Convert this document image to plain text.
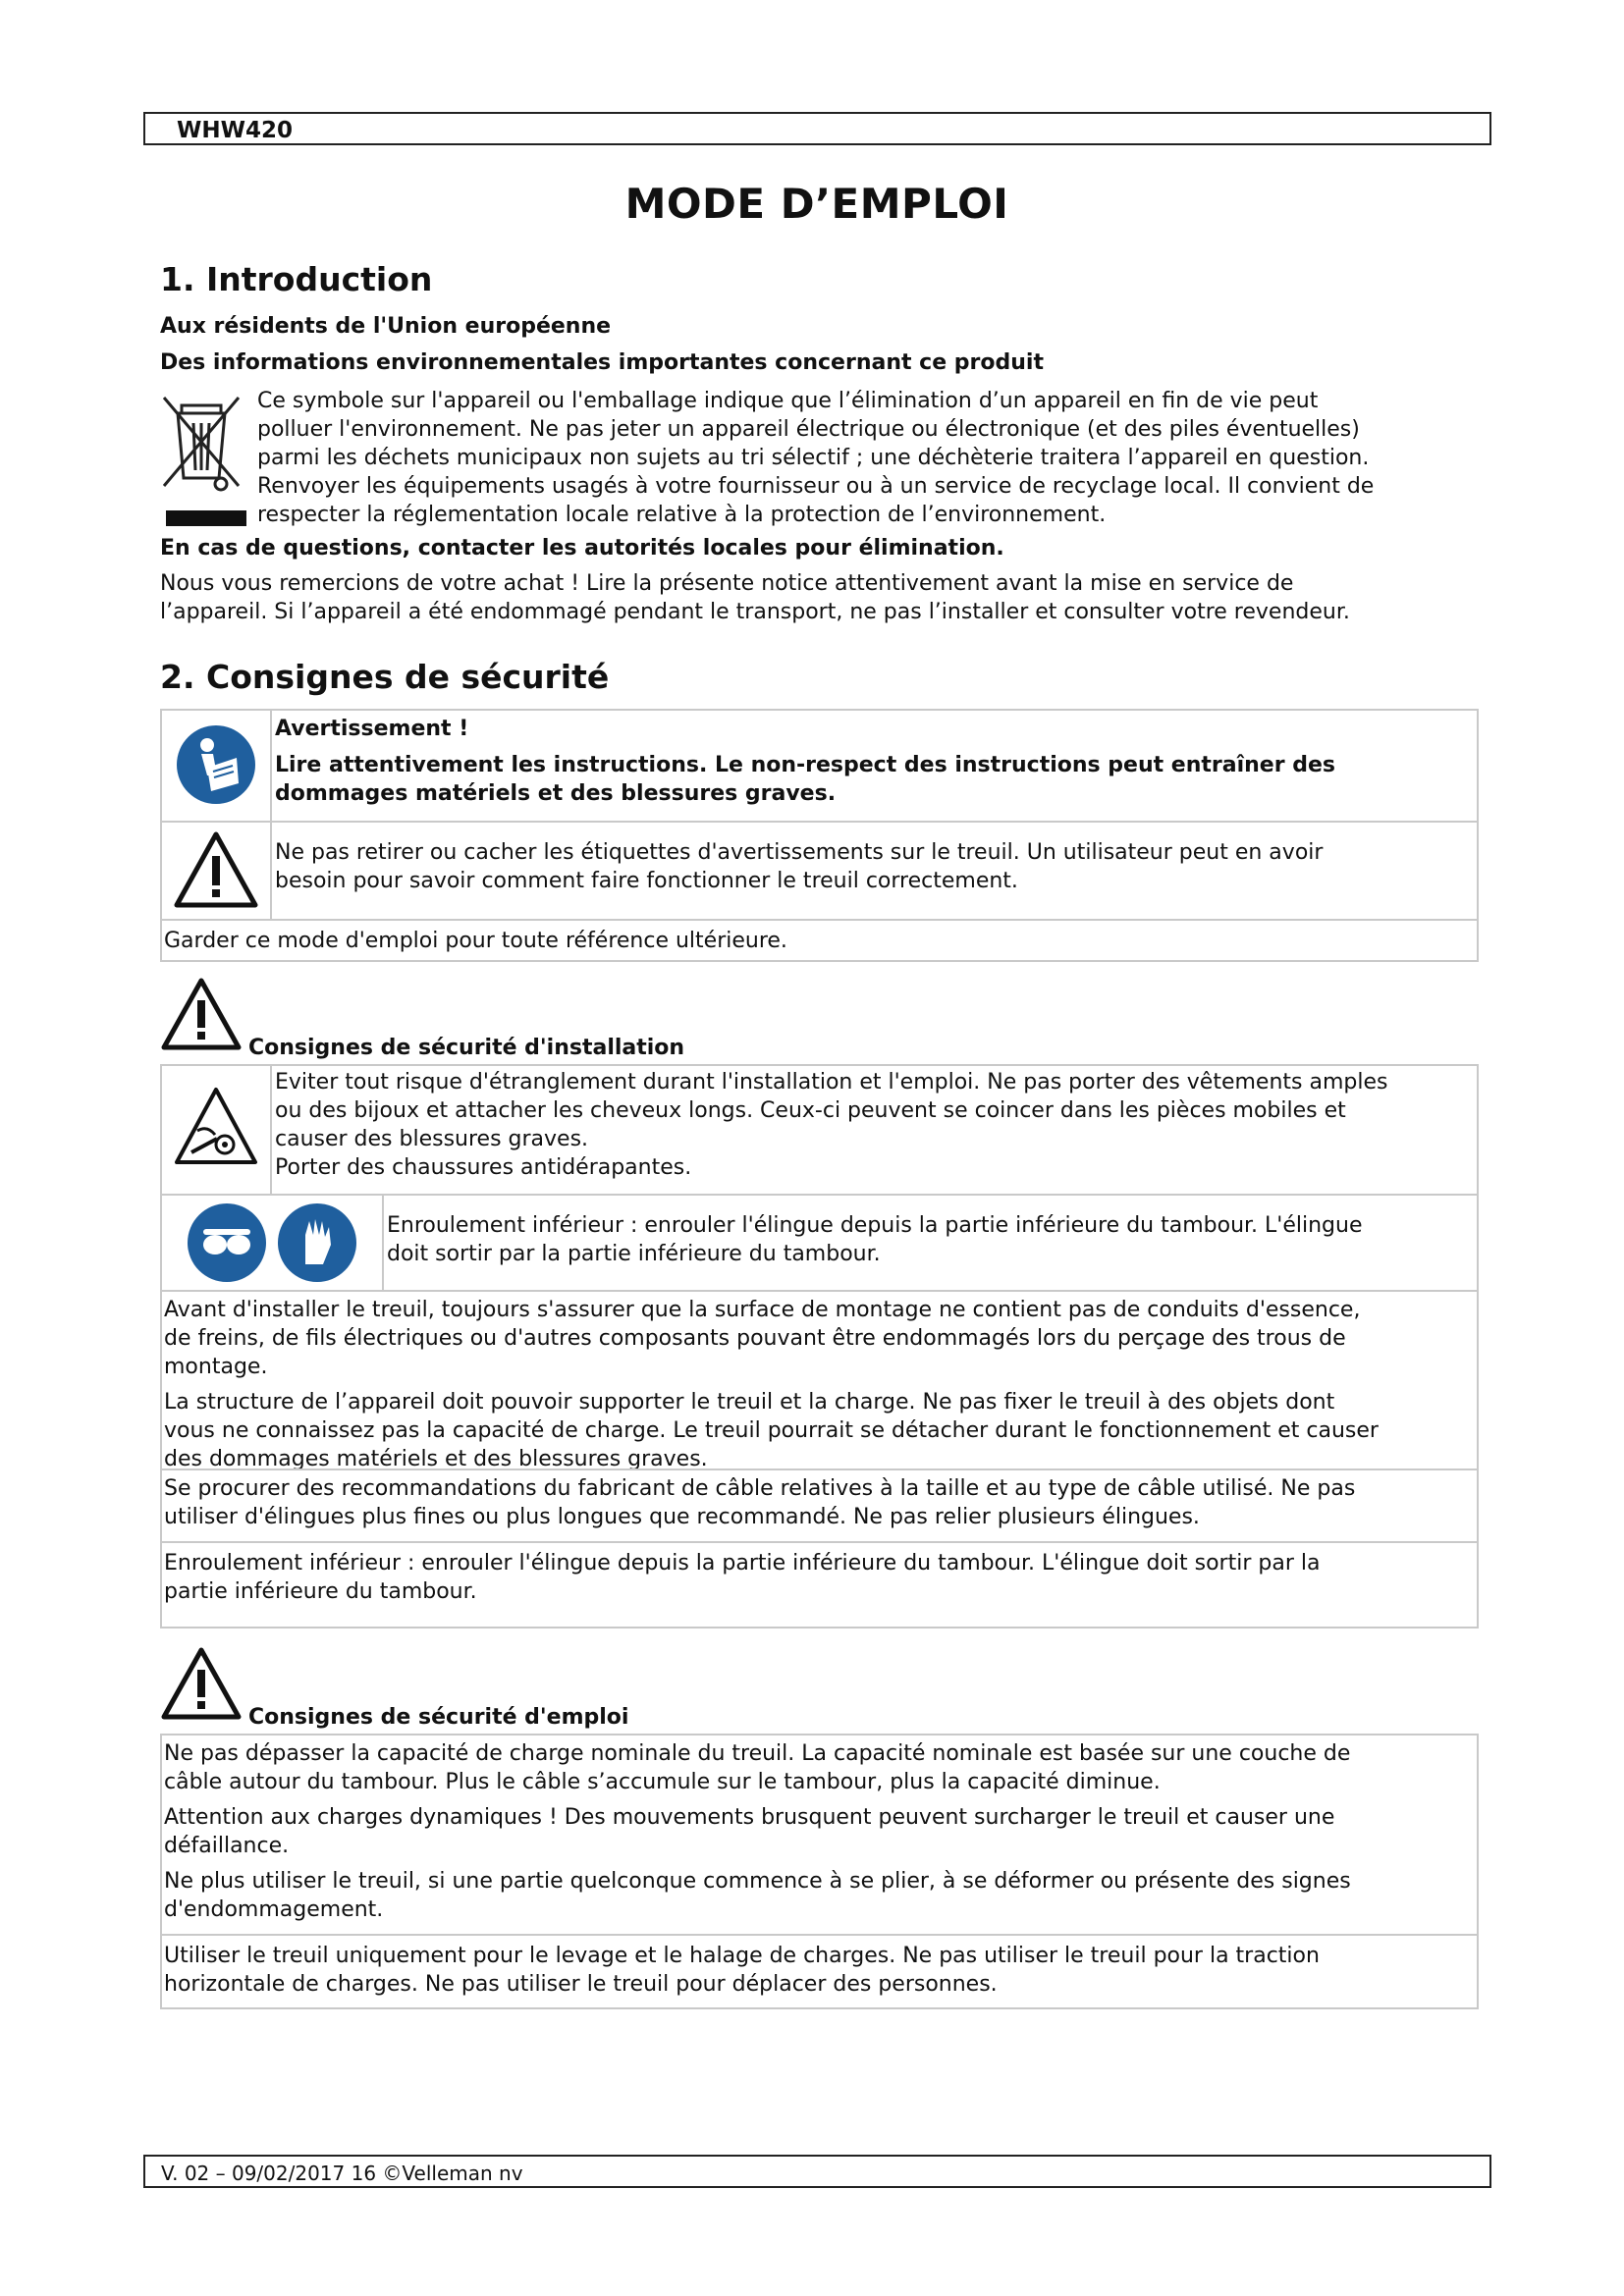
WHW420
MODE D’EMPLOI
1. Introduction
Aux résidents de l'Union européenne
Des informations environnementales importantes concernant ce produit
Ce symbole sur l'appareil ou l'emballage indique que l’élimination d’un appareil en fin de vie peut
polluer l'environnement. Ne pas jeter un appareil électrique ou électronique (et des piles éventuelles)
parmi les déchets municipaux non sujets au tri sélectif ; une déchèterie traitera l’appareil en question.
Renvoyer les équipements usagés à votre fournisseur ou à un service de recyclage local. Il convient de
respecter la réglementation locale relative à la protection de l’environnement.
En cas de questions, contacter les autorités locales pour élimination.
Nous vous remercions de votre achat ! Lire la présente notice attentivement avant la mise en service de
l’appareil. Si l’appareil a été endommagé pendant le transport, ne pas l’installer et consulter votre revendeur.
2. Consignes de sécurité
Avertissement !
Lire attentivement les instructions. Le non-respect des instructions peut entraîner des
dommages matériels et des blessures graves.
Ne pas retirer ou cacher les étiquettes d'avertissements sur le treuil. Un utilisateur peut en avoir
besoin pour savoir comment faire fonctionner le treuil correctement.
Garder ce mode d'emploi pour toute référence ultérieure.
Consignes de sécurité d'installation
Eviter tout risque d'étranglement durant l'installation et l'emploi. Ne pas porter des vêtements amples
ou des bijoux et attacher les cheveux longs. Ceux-ci peuvent se coincer dans les pièces mobiles et
causer des blessures graves.
Porter des chaussures antidérapantes.
Enroulement inférieur : enrouler l'élingue depuis la partie inférieure du tambour. L'élingue
doit sortir par la partie inférieure du tambour.
Avant d'installer le treuil, toujours s'assurer que la surface de montage ne contient pas de conduits d'essence,
de freins, de fils électriques ou d'autres composants pouvant être endommagés lors du perçage des trous de
montage.
La structure de l’appareil doit pouvoir supporter le treuil et la charge. Ne pas fixer le treuil à des objets dont
vous ne connaissez pas la capacité de charge. Le treuil pourrait se détacher durant le fonctionnement et causer
des dommages matériels et des blessures graves.
Se procurer des recommandations du fabricant de câble relatives à la taille et au type de câble utilisé. Ne pas
utiliser d'élingues plus fines ou plus longues que recommandé. Ne pas relier plusieurs élingues.
Enroulement inférieur : enrouler l'élingue depuis la partie inférieure du tambour. L'élingue doit sortir par la
partie inférieure du tambour.
Consignes de sécurité d'emploi
Ne pas dépasser la capacité de charge nominale du treuil. La capacité nominale est basée sur une couche de
câble autour du tambour. Plus le câble s’accumule sur le tambour, plus la capacité diminue.
Attention aux charges dynamiques ! Des mouvements brusquent peuvent surcharger le treuil et causer une
défaillance.
Ne plus utiliser le treuil, si une partie quelconque commence à se plier, à se déformer ou présente des signes
d'endommagement.
Utiliser le treuil uniquement pour le levage et le halage de charges. Ne pas utiliser le treuil pour la traction
horizontale de charges. Ne pas utiliser le treuil pour déplacer des personnes.
V. 02 – 09/02/2017 16 ©Velleman nv
